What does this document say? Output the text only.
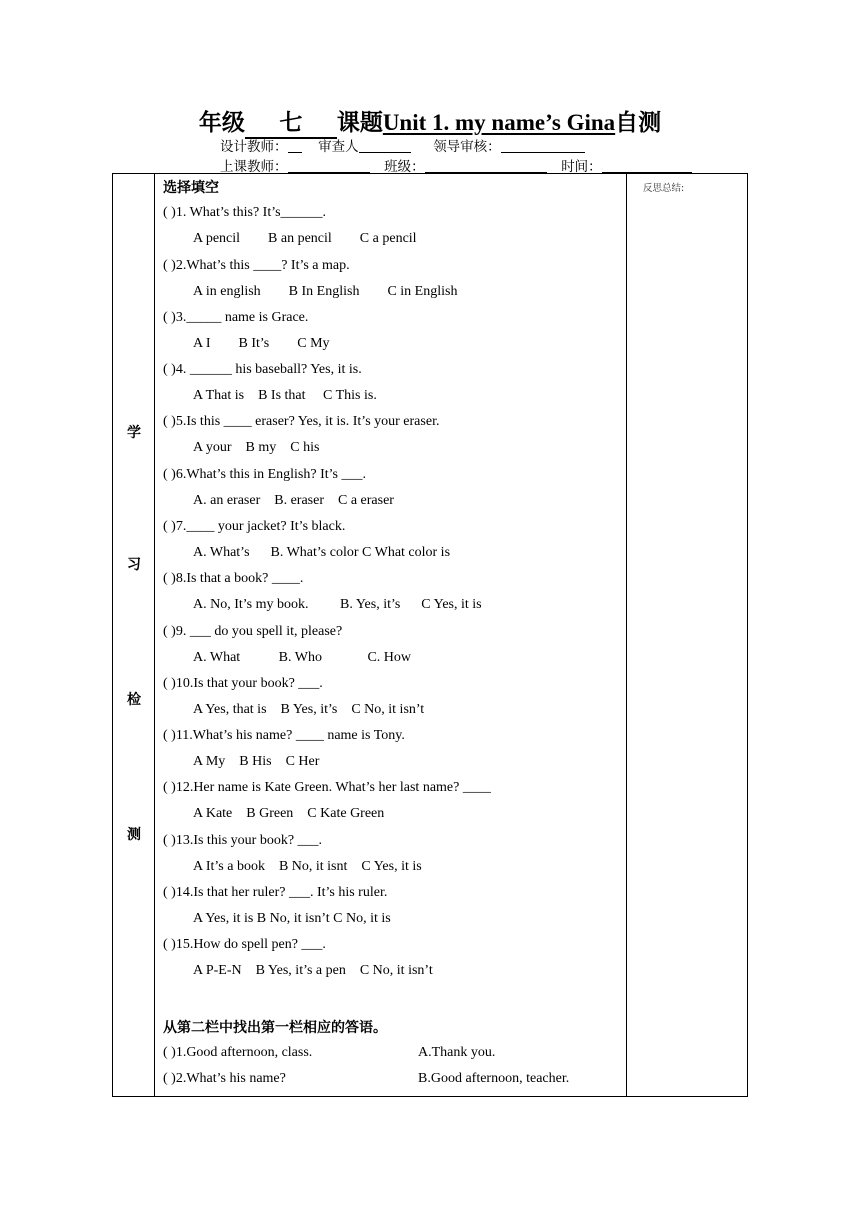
年级 七 课题Unit 1. my name’s Gina自测
设计教师： 审查人	领导审核：
上课教师：	班级：	时间：
学
习
检
测
选择填空
( )1. What’s this? It’s______.
A pencil        B an pencil        C a pencil
( )2.What’s this ____? It’s a map.
A in english        B In English        C in English
( )3._____ name is Grace.
A I        B It’s        C My
( )4. ______ his baseball? Yes, it is.
A That is    B Is that     C This is.
( )5.Is this ____ eraser? Yes, it is. It’s your eraser.
A your    B my    C his
( )6.What’s this in English? It’s ___.
A. an eraser    B. eraser    C a eraser
( )7.____ your jacket? It’s black.
A. What’s      B. What’s color C What color is
( )8.Is that a book? ____.
A. No, It’s my book.         B. Yes, it’s      C Yes, it is
( )9. ___ do you spell it, please?
A. What           B. Who             C. How
( )10.Is that your book? ___.
A Yes, that is    B Yes, it’s    C No, it isn’t
( )11.What’s his name? ____ name is Tony.
A My    B His    C Her
( )12.Her name is Kate Green. What’s her last name? ____
A Kate    B Green    C Kate Green
( )13.Is this your book? ___.
A It’s a book    B No, it isnt    C Yes, it is
( )14.Is that her ruler? ___. It’s his ruler.
A Yes, it is B No, it isn’t C No, it is
( )15.How do spell pen? ___.
A P-E-N    B Yes, it’s a pen    C No, it isn’t
从第二栏中找出第一栏相应的答语。
( )1.Good afternoon, class.	A.Thank you.
( )2.What’s his name?	B.Good afternoon, teacher.
反思总结:
